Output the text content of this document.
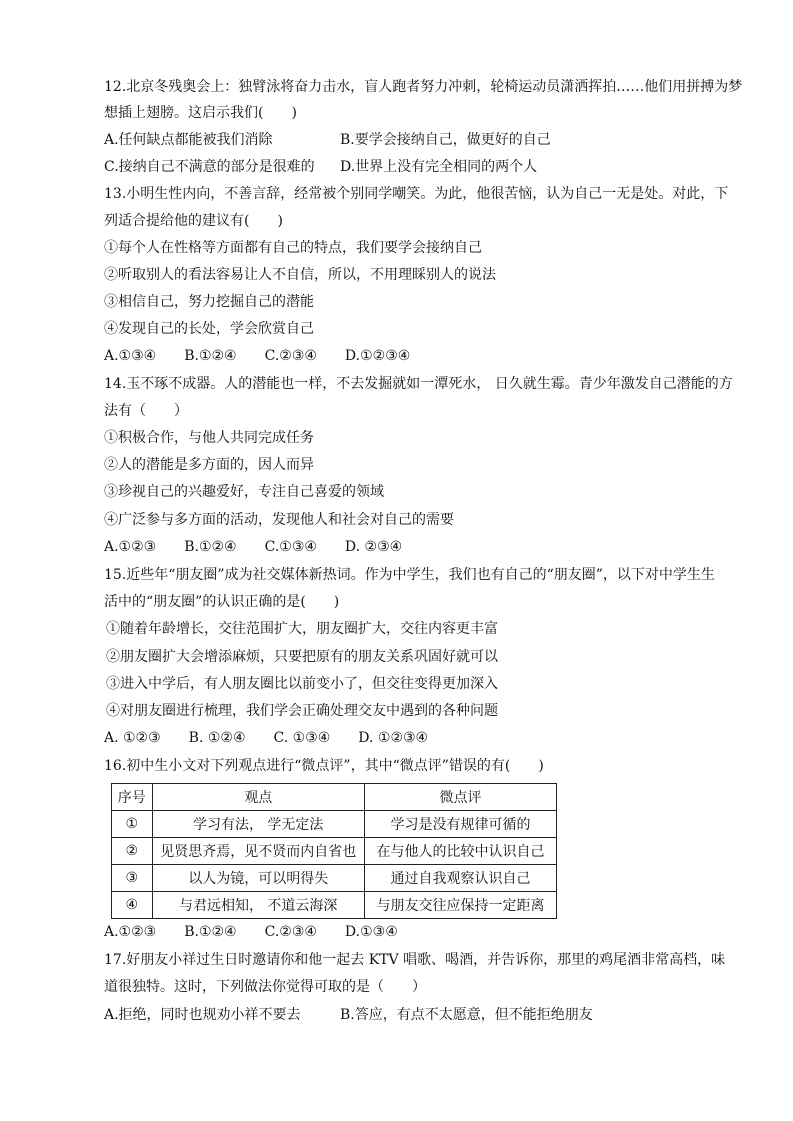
12.北京冬残奥会上：独臂泳将奋力击水，盲人跑者努力冲刺，轮椅运动员潇洒挥拍……他们用拼搏为梦
想插上翅膀。这启示我们(　　)
A.任何缺点都能被我们消除	B.要学会接纳自己，做更好的自己
C.接纳自己不满意的部分是很难的 D.世界上没有完全相同的两个人
13.小明生性内向，不善言辞，经常被个别同学嘲笑。为此，他很苦恼，认为自己一无是处。对此，下
列适合提给他的建议有(　　)
①每个人在性格等方面都有自己的特点，我们要学会接纳自己
②听取别人的看法容易让人不自信，所以，不用理睬别人的说法
③相信自己，努力挖掘自己的潜能
④发现自己的长处，学会欣赏自己
A.①③④　　B.①②④　　C.②③④　　D.①②③④
14.玉不琢不成器。人的潜能也一样，不去发掘就如一潭死水， 日久就生霉。青少年激发自己潜能的方
法有（　　）
①积极合作，与他人共同完成任务
②人的潜能是多方面的，因人而异
③珍视自己的兴趣爱好，专注自己喜爱的领域
④广泛参与多方面的活动，发现他人和社会对自己的需要
A.①②③　　B.①②④　　C.①③④　　D. ②③④
15.近些年“朋友圈”成为社交媒体新热词。作为中学生，我们也有自己的“朋友圈”，以下对中学生生
活中的“朋友圈”的认识正确的是(　　)
①随着年龄增长，交往范围扩大，朋友圈扩大，交往内容更丰富
②朋友圈扩大会增添麻烦，只要把原有的朋友关系巩固好就可以
③进入中学后，有人朋友圈比以前变小了，但交往变得更加深入
④对朋友圈进行梳理，我们学会正确处理交友中遇到的各种问题
A. ①②③　　B. ①②④　　C. ①③④　　D. ①②③④
16.初中生小文对下列观点进行“微点评”，其中“微点评”错误的有(　　)
序号	观点	微点评
①	学习有法， 学无定法	学习是没有规律可循的
②	见贤思齐焉，见不贤而内自省也	在与他人的比较中认识自己
③	以人为镜，可以明得失	通过自我观察认识自己
④	与君远相知， 不道云海深	与朋友交往应保持一定距离
A.①②③　　B.①②④　　C.②③④　　D.①③④
17.好朋友小祥过生日时邀请你和他一起去 KTV 唱歌、喝酒，并告诉你，那里的鸡尾酒非常高档，味
道很独特。这时，下列做法你觉得可取的是（　　）
A.拒绝，同时也规劝小祥不要去	B.答应，有点不太愿意，但不能拒绝朋友
